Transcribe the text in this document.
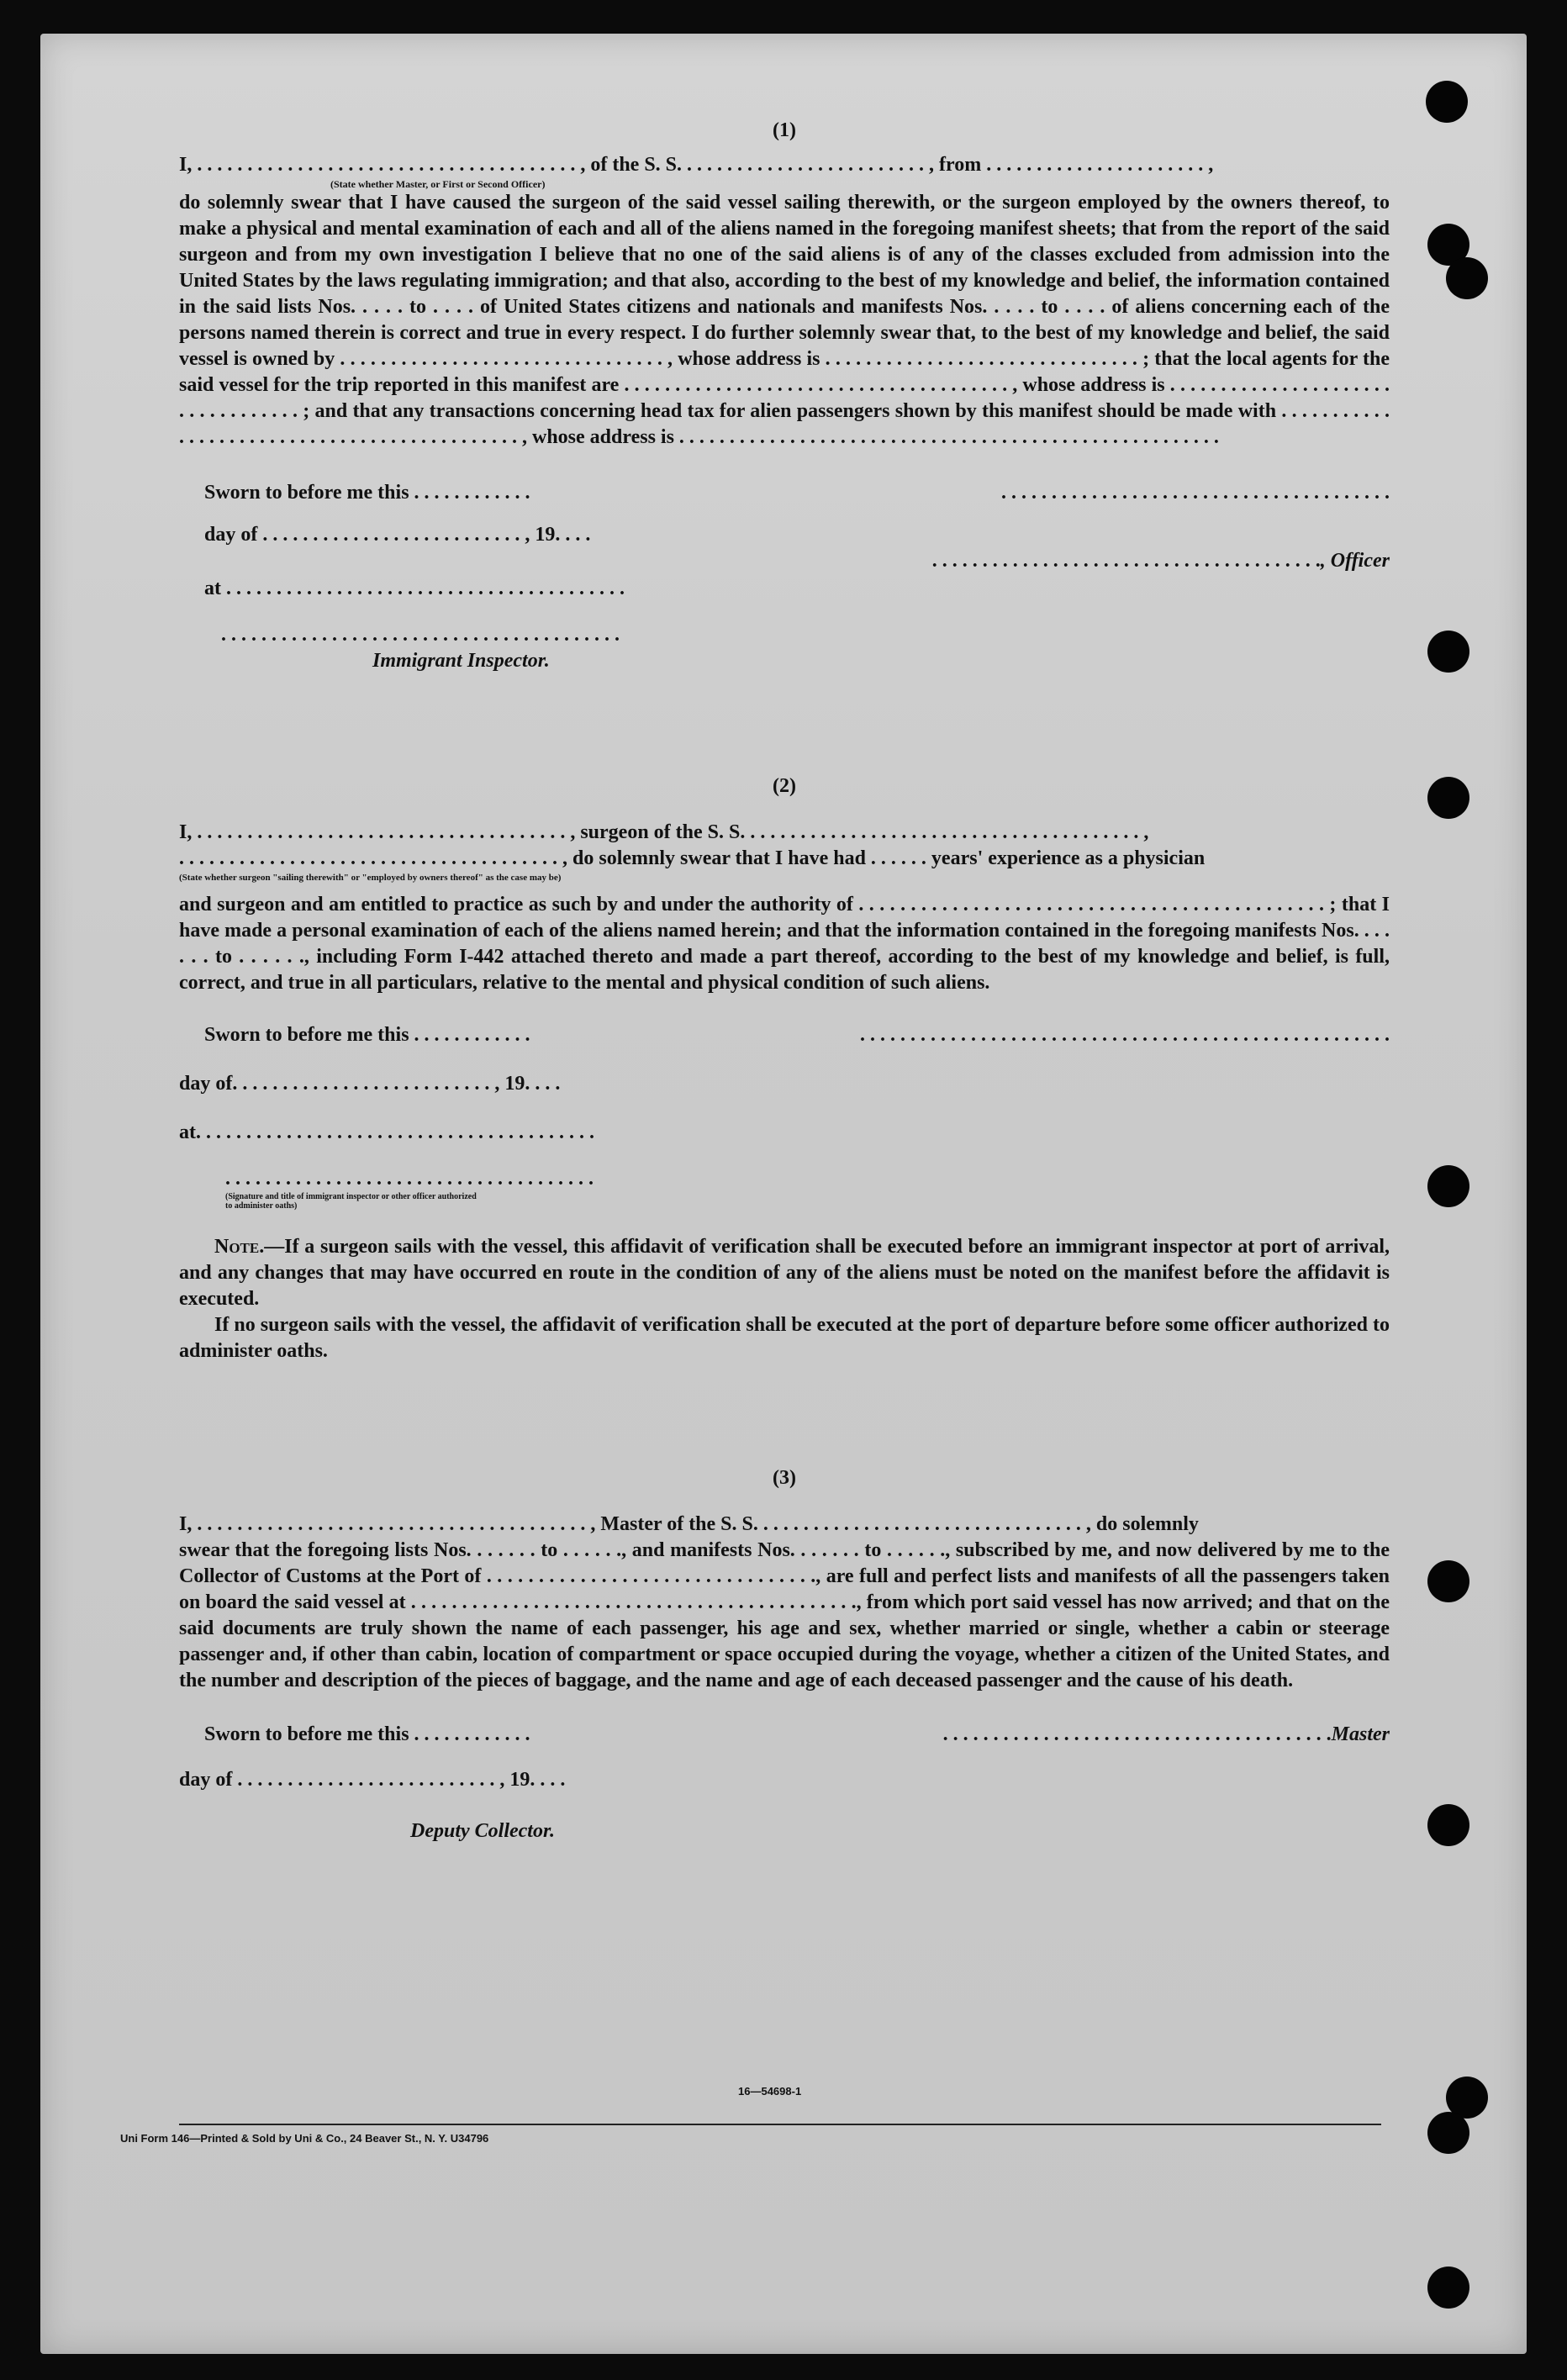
(1)
I, . . . . . . . . . . . . . . . . . . . . . . . . . . . . . . . . . . . . . . , of the S. S. . . . . . . . . . . . . . . . . . . . . . . . . , from . . . . . . . . . . . . . . . . . . . . . . ,
(State whether Master, or First or Second Officer)
do solemnly swear that I have caused the surgeon of the said vessel sailing therewith, or the surgeon employed by the owners thereof, to make a physical and mental examination of each and all of the aliens named in the foregoing manifest sheets; that from the report of the said surgeon and from my own investigation I believe that no one of the said aliens is of any of the classes excluded from admission into the United States by the laws regulating immigration; and that also, according to the best of my knowledge and belief, the information contained in the said lists Nos. . . . . to . . . . of United States citizens and nationals and manifests Nos. . . . . to . . . . of aliens concerning each of the persons named therein is correct and true in every respect. I do further solemnly swear that, to the best of my knowledge and belief, the said vessel is owned by . . . . . . . . . . . . . . . . . . . . . . . . . . . . . . . . , whose address is . . . . . . . . . . . . . . . . . . . . . . . . . . . . . . . ; that the local agents for the said vessel for the trip reported in this manifest are . . . . . . . . . . . . . . . . . . . . . . . . . . . . . . . . . . . . . . , whose address is . . . . . . . . . . . . . . . . . . . . . . . . . . . . . . . . . . ; and that any transactions concerning head tax for alien passengers shown by this manifest should be made with . . . . . . . . . . . . . . . . . . . . . . . . . . . . . . . . . . . . . . . . . . . . . , whose address is . . . . . . . . . . . . . . . . . . . . . . . . . . . . . . . . . . . . . . . . . . . . . . . . . . . . . .
Sworn to before me this . . . . . . . . . . . .	. . . . . . . . . . . . . . . . . . . . . . . . . . . . . . . . . . . . . . .
day of . . . . . . . . . . . . . . . . . . . . . . . . . . , 19. . . .
. . . . . . . . . . . . . . . . . . . . . . . . . . . . . . . . . . . . . . ., Officer
at . . . . . . . . . . . . . . . . . . . . . . . . . . . . . . . . . . . . . . . .
. . . . . . . . . . . . . . . . . . . . . . . . . . . . . . . . . . . . . . . .
Immigrant Inspector.
(2)
I, . . . . . . . . . . . . . . . . . . . . . . . . . . . . . . . . . . . . . , surgeon of the S. S. . . . . . . . . . . . . . . . . . . . . . . . . . . . . . . . . . . . . . . . ,
. . . . . . . . . . . . . . . . . . . . . . . . . . . . . . . . . . . . . . , do solemnly swear that I have had . . . . . . years' experience as a physician
(State whether surgeon "sailing therewith" or "employed by owners thereof" as the case may be)
and surgeon and am entitled to practice as such by and under the authority of . . . . . . . . . . . . . . . . . . . . . . . . . . . . . . . . . . . . . . . . . . . . . ; that I have made a personal examination of each of the aliens named herein; and that the information contained in the foregoing manifests Nos. . . . . . . to . . . . . ., including Form I-442 attached thereto and made a part thereof, according to the best of my knowledge and belief, is full, correct, and true in all particulars, relative to the mental and physical condition of such aliens.
Sworn to before me this . . . . . . . . . . . .	. . . . . . . . . . . . . . . . . . . . . . . . . . . . . . . . . . . . . . . . . . . . . . . . . . . . .
day of. . . . . . . . . . . . . . . . . . . . . . . . . . , 19. . . .
at. . . . . . . . . . . . . . . . . . . . . . . . . . . . . . . . . . . . . . . .
. . . . . . . . . . . . . . . . . . . . . . . . . . . . . . . . . . . . .
(Signature and title of immigrant inspector or other officer authorized to administer oaths)
Note.—If a surgeon sails with the vessel, this affidavit of verification shall be executed before an immigrant inspector at port of arrival, and any changes that may have occurred en route in the condition of any of the aliens must be noted on the manifest before the affidavit is executed.
If no surgeon sails with the vessel, the affidavit of verification shall be executed at the port of departure before some officer authorized to administer oaths.
(3)
I, . . . . . . . . . . . . . . . . . . . . . . . . . . . . . . . . . . . . . . . , Master of the S. S. . . . . . . . . . . . . . . . . . . . . . . . . . . . . . . . . , do solemnly
swear that the foregoing lists Nos. . . . . . . to . . . . . ., and manifests Nos. . . . . . . to . . . . . ., subscribed by me, and now delivered by me to the Collector of Customs at the Port of . . . . . . . . . . . . . . . . . . . . . . . . . . . . . . . ., are full and perfect lists and manifests of all the passengers taken on board the said vessel at . . . . . . . . . . . . . . . . . . . . . . . . . . . . . . . . . . . . . . . . . . . ., from which port said vessel has now arrived; and that on the said documents are truly shown the name of each passenger, his age and sex, whether married or single, whether a cabin or steerage passenger and, if other than cabin, location of compartment or space occupied during the voyage, whether a citizen of the United States, and the number and description of the pieces of baggage, and the name and age of each deceased passenger and the cause of his death.
Sworn to before me this . . . . . . . . . . . .	. . . . . . . . . . . . . . . . . . . . . . . . . . . . . . . . . . . . . . .Master
day of . . . . . . . . . . . . . . . . . . . . . . . . . . , 19. . . .
Deputy Collector.
16—54698-1
Uni Form 146—Printed & Sold by Uni & Co., 24 Beaver St., N. Y. U34796
